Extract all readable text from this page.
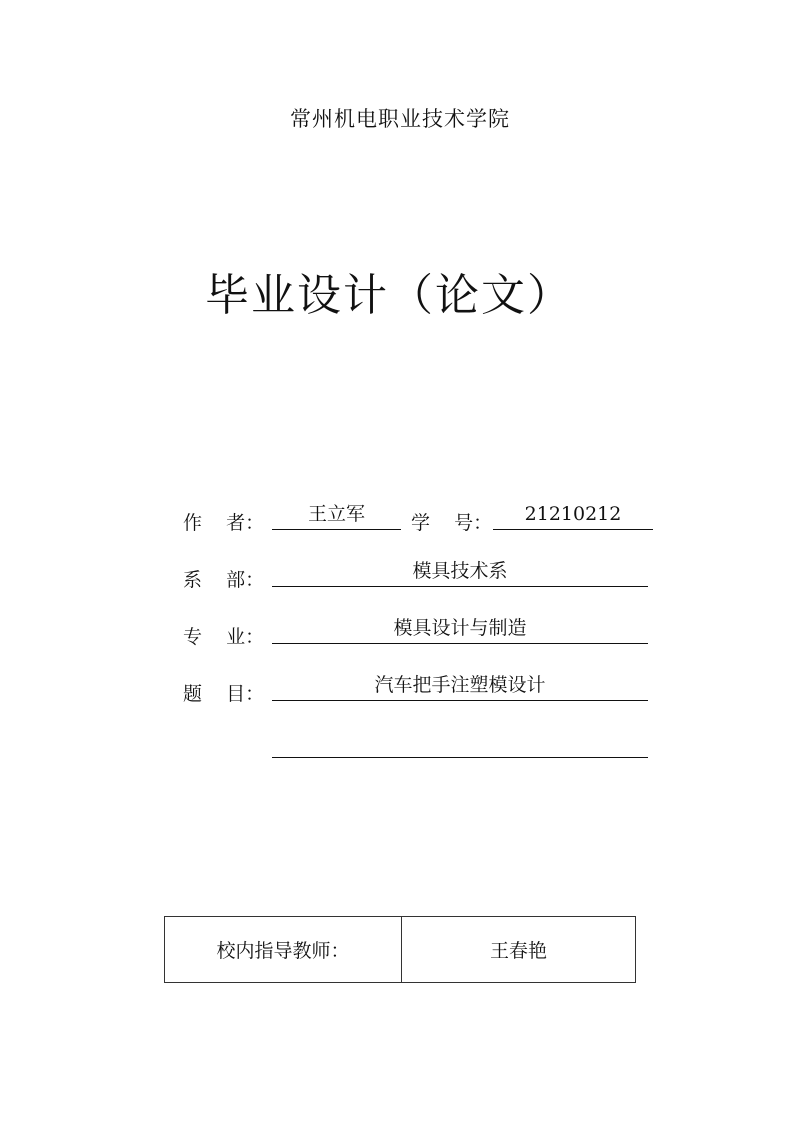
常州机电职业技术学院
毕业设计（论文）
作    者：	王立军	学    号：	21210212
系    部：	模具技术系
专    业：	模具设计与制造
题    目：	汽车把手注塑模设计
校内指导教师：	王春艳
